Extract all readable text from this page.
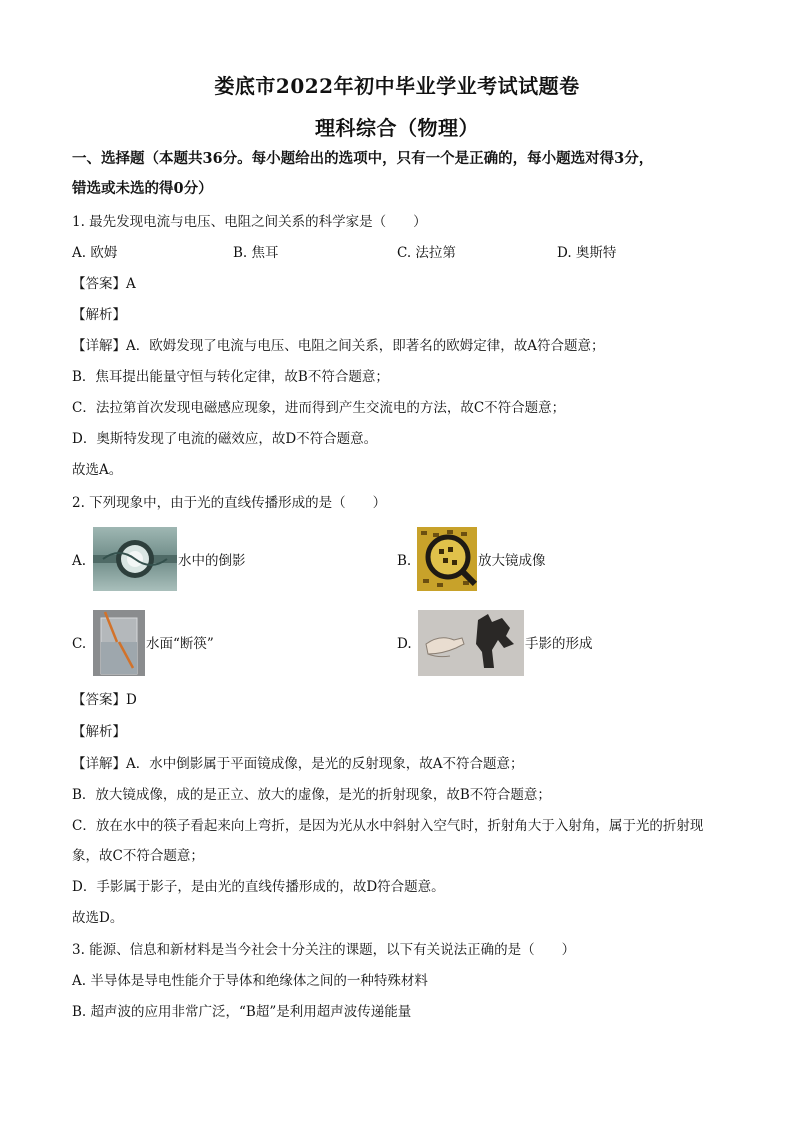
娄底市2022年初中毕业学业考试试题卷
理科综合（物理）
一、选择题（本题共36分。每小题给出的选项中，只有一个是正确的，每小题选对得3分，
错选或未选的得0分）
1. 最先发现电流与电压、电阻之间关系的科学家是（　　）
A. 欧姆	B. 焦耳	C. 法拉第	D. 奥斯特
【答案】A
【解析】
【详解】A．欧姆发现了电流与电压、电阻之间关系，即著名的欧姆定律，故A符合题意；
B．焦耳提出能量守恒与转化定律，故B不符合题意；
C．法拉第首次发现电磁感应现象，进而得到产生交流电的方法，故C不符合题意；
D．奥斯特发现了电流的磁效应，故D不符合题意。
故选A。
2. 下列现象中，由于光的直线传播形成的是（　　）
A.	水中的倒影	B.	放大镜成像
C.	水面“断筷”	D.	手影的形成
【答案】D
【解析】
【详解】A．水中倒影属于平面镜成像，是光的反射现象，故A不符合题意；
B．放大镜成像，成的是正立、放大的虚像，是光的折射现象，故B不符合题意；
C．放在水中的筷子看起来向上弯折，是因为光从水中斜射入空气时，折射角大于入射角，属于光的折射现
象，故C不符合题意；
D．手影属于影子，是由光的直线传播形成的，故D符合题意。
故选D。
3. 能源、信息和新材料是当今社会十分关注的课题，以下有关说法正确的是（　　）
A. 半导体是导电性能介于导体和绝缘体之间的一种特殊材料
B. 超声波的应用非常广泛，“B超”是利用超声波传递能量
